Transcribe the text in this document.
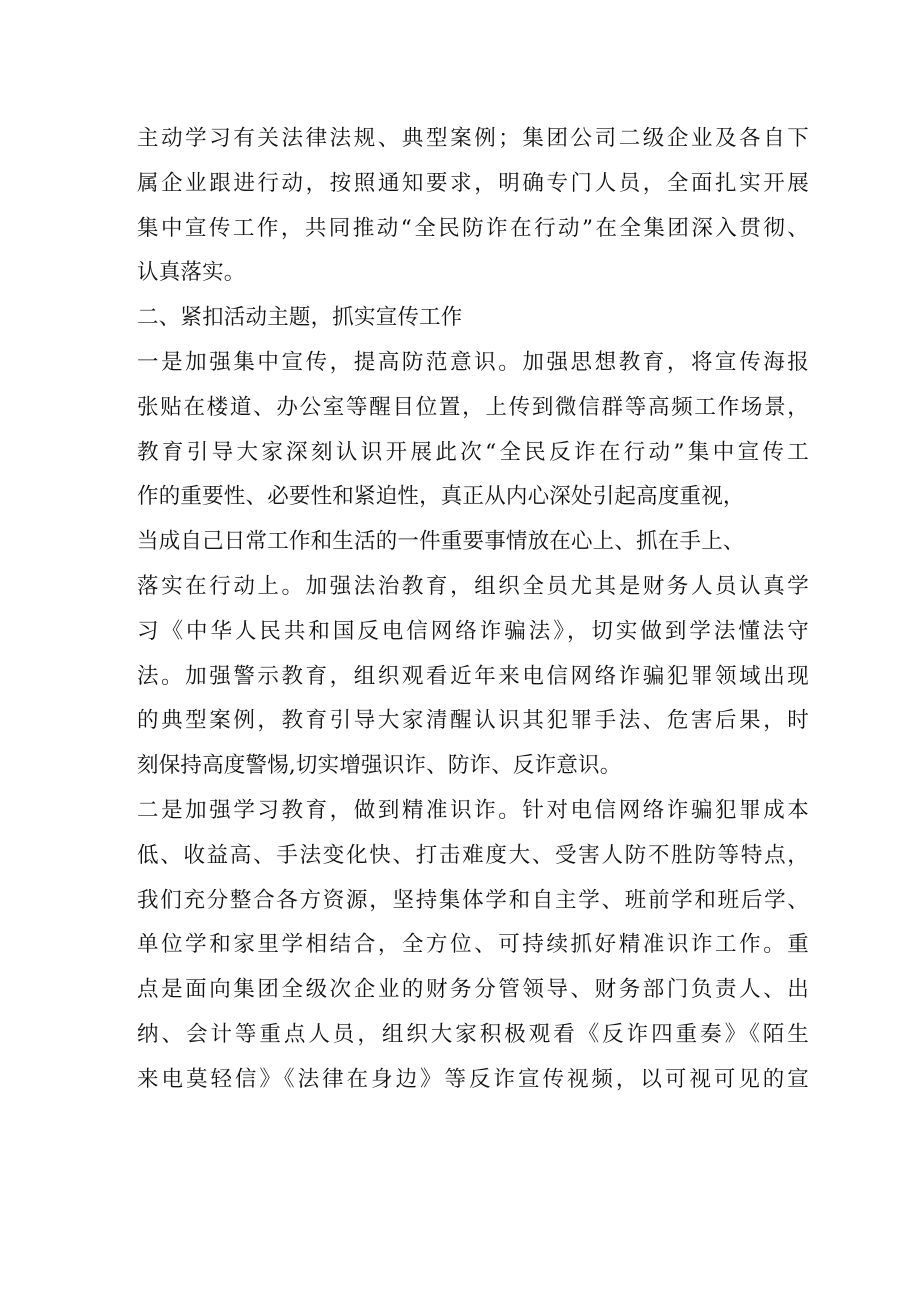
主动学习有关法律法规、典型案例；集团公司二级企业及各自下
属企业跟进行动，按照通知要求，明确专门人员，全面扎实开展
集中宣传工作，共同推动“全民防诈在行动”在全集团深入贯彻、
认真落实。
二、紧扣活动主题，抓实宣传工作
一是加强集中宣传，提高防范意识。加强思想教育，将宣传海报
张贴在楼道、办公室等醒目位置，上传到微信群等高频工作场景，
教育引导大家深刻认识开展此次“全民反诈在行动”集中宣传工
作的重要性、必要性和紧迫性，真正从内心深处引起高度重视，
当成自己日常工作和生活的一件重要事情放在心上、抓在手上、
落实在行动上。加强法治教育，组织全员尤其是财务人员认真学
习《中华人民共和国反电信网络诈骗法》，切实做到学法懂法守
法。加强警示教育，组织观看近年来电信网络诈骗犯罪领域出现
的典型案例，教育引导大家清醒认识其犯罪手法、危害后果，时
刻保持高度警惕,切实增强识诈、防诈、反诈意识。
二是加强学习教育，做到精准识诈。针对电信网络诈骗犯罪成本
低、收益高、手法变化快、打击难度大、受害人防不胜防等特点，
我们充分整合各方资源，坚持集体学和自主学、班前学和班后学、
单位学和家里学相结合，全方位、可持续抓好精准识诈工作。重
点是面向集团全级次企业的财务分管领导、财务部门负责人、出
纳、会计等重点人员，组织大家积极观看《反诈四重奏》《陌生
来电莫轻信》《法律在身边》等反诈宣传视频，以可视可见的宣
